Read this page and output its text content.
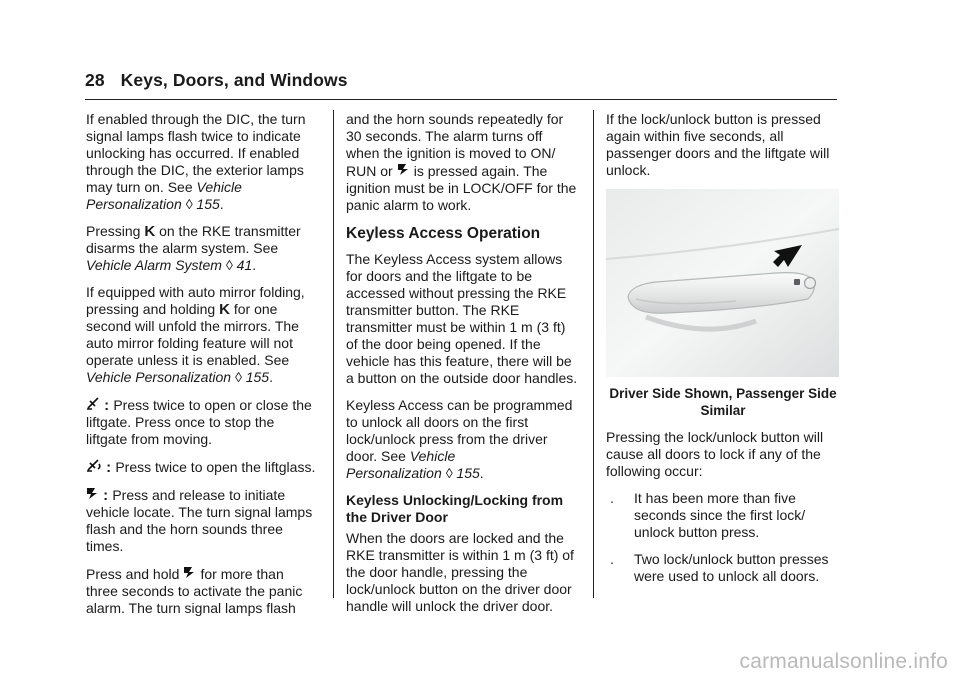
28 Keys, Doors, and Windows

If enabled through the DIC, the turn signal lamps flash twice to indicate unlocking has occurred. If enabled through the DIC, the exterior lamps may turn on. See Vehicle Personalization ◊ 155.

Pressing K on the RKE transmitter disarms the alarm system. See Vehicle Alarm System ◊ 41.

If equipped with auto mirror folding, pressing and holding K for one second will unfold the mirrors. The auto mirror folding feature will not operate unless it is enabled. See Vehicle Personalization ◊ 155.

: Press twice to open or close the liftgate. Press once to stop the liftgate from moving.

: Press twice to open the liftglass.

: Press and release to initiate vehicle locate. The turn signal lamps flash and the horn sounds three times.

Press and hold  for more than three seconds to activate the panic alarm. The turn signal lamps flash

and the horn sounds repeatedly for 30 seconds. The alarm turns off when the ignition is moved to ON/ RUN or  is pressed again. The ignition must be in LOCK/OFF for the panic alarm to work.

Keyless Access Operation

The Keyless Access system allows for doors and the liftgate to be accessed without pressing the RKE transmitter button. The RKE transmitter must be within 1 m (3 ft) of the door being opened. If the vehicle has this feature, there will be a button on the outside door handles.

Keyless Access can be programmed to unlock all doors on the first lock/unlock press from the driver door. See Vehicle Personalization ◊ 155.

Keyless Unlocking/Locking from the Driver Door

When the doors are locked and the RKE transmitter is within 1 m (3 ft) of the door handle, pressing the lock/unlock button on the driver door handle will unlock the driver door.

If the lock/unlock button is pressed again within five seconds, all passenger doors and the liftgate will unlock.

Driver Side Shown, Passenger Side Similar

Pressing the lock/unlock button will cause all doors to lock if any of the following occur:

.	It has been more than five seconds since the first lock/ unlock button press.
.	Two lock/unlock button presses were used to unlock all doors.
carmanualsonline.info
